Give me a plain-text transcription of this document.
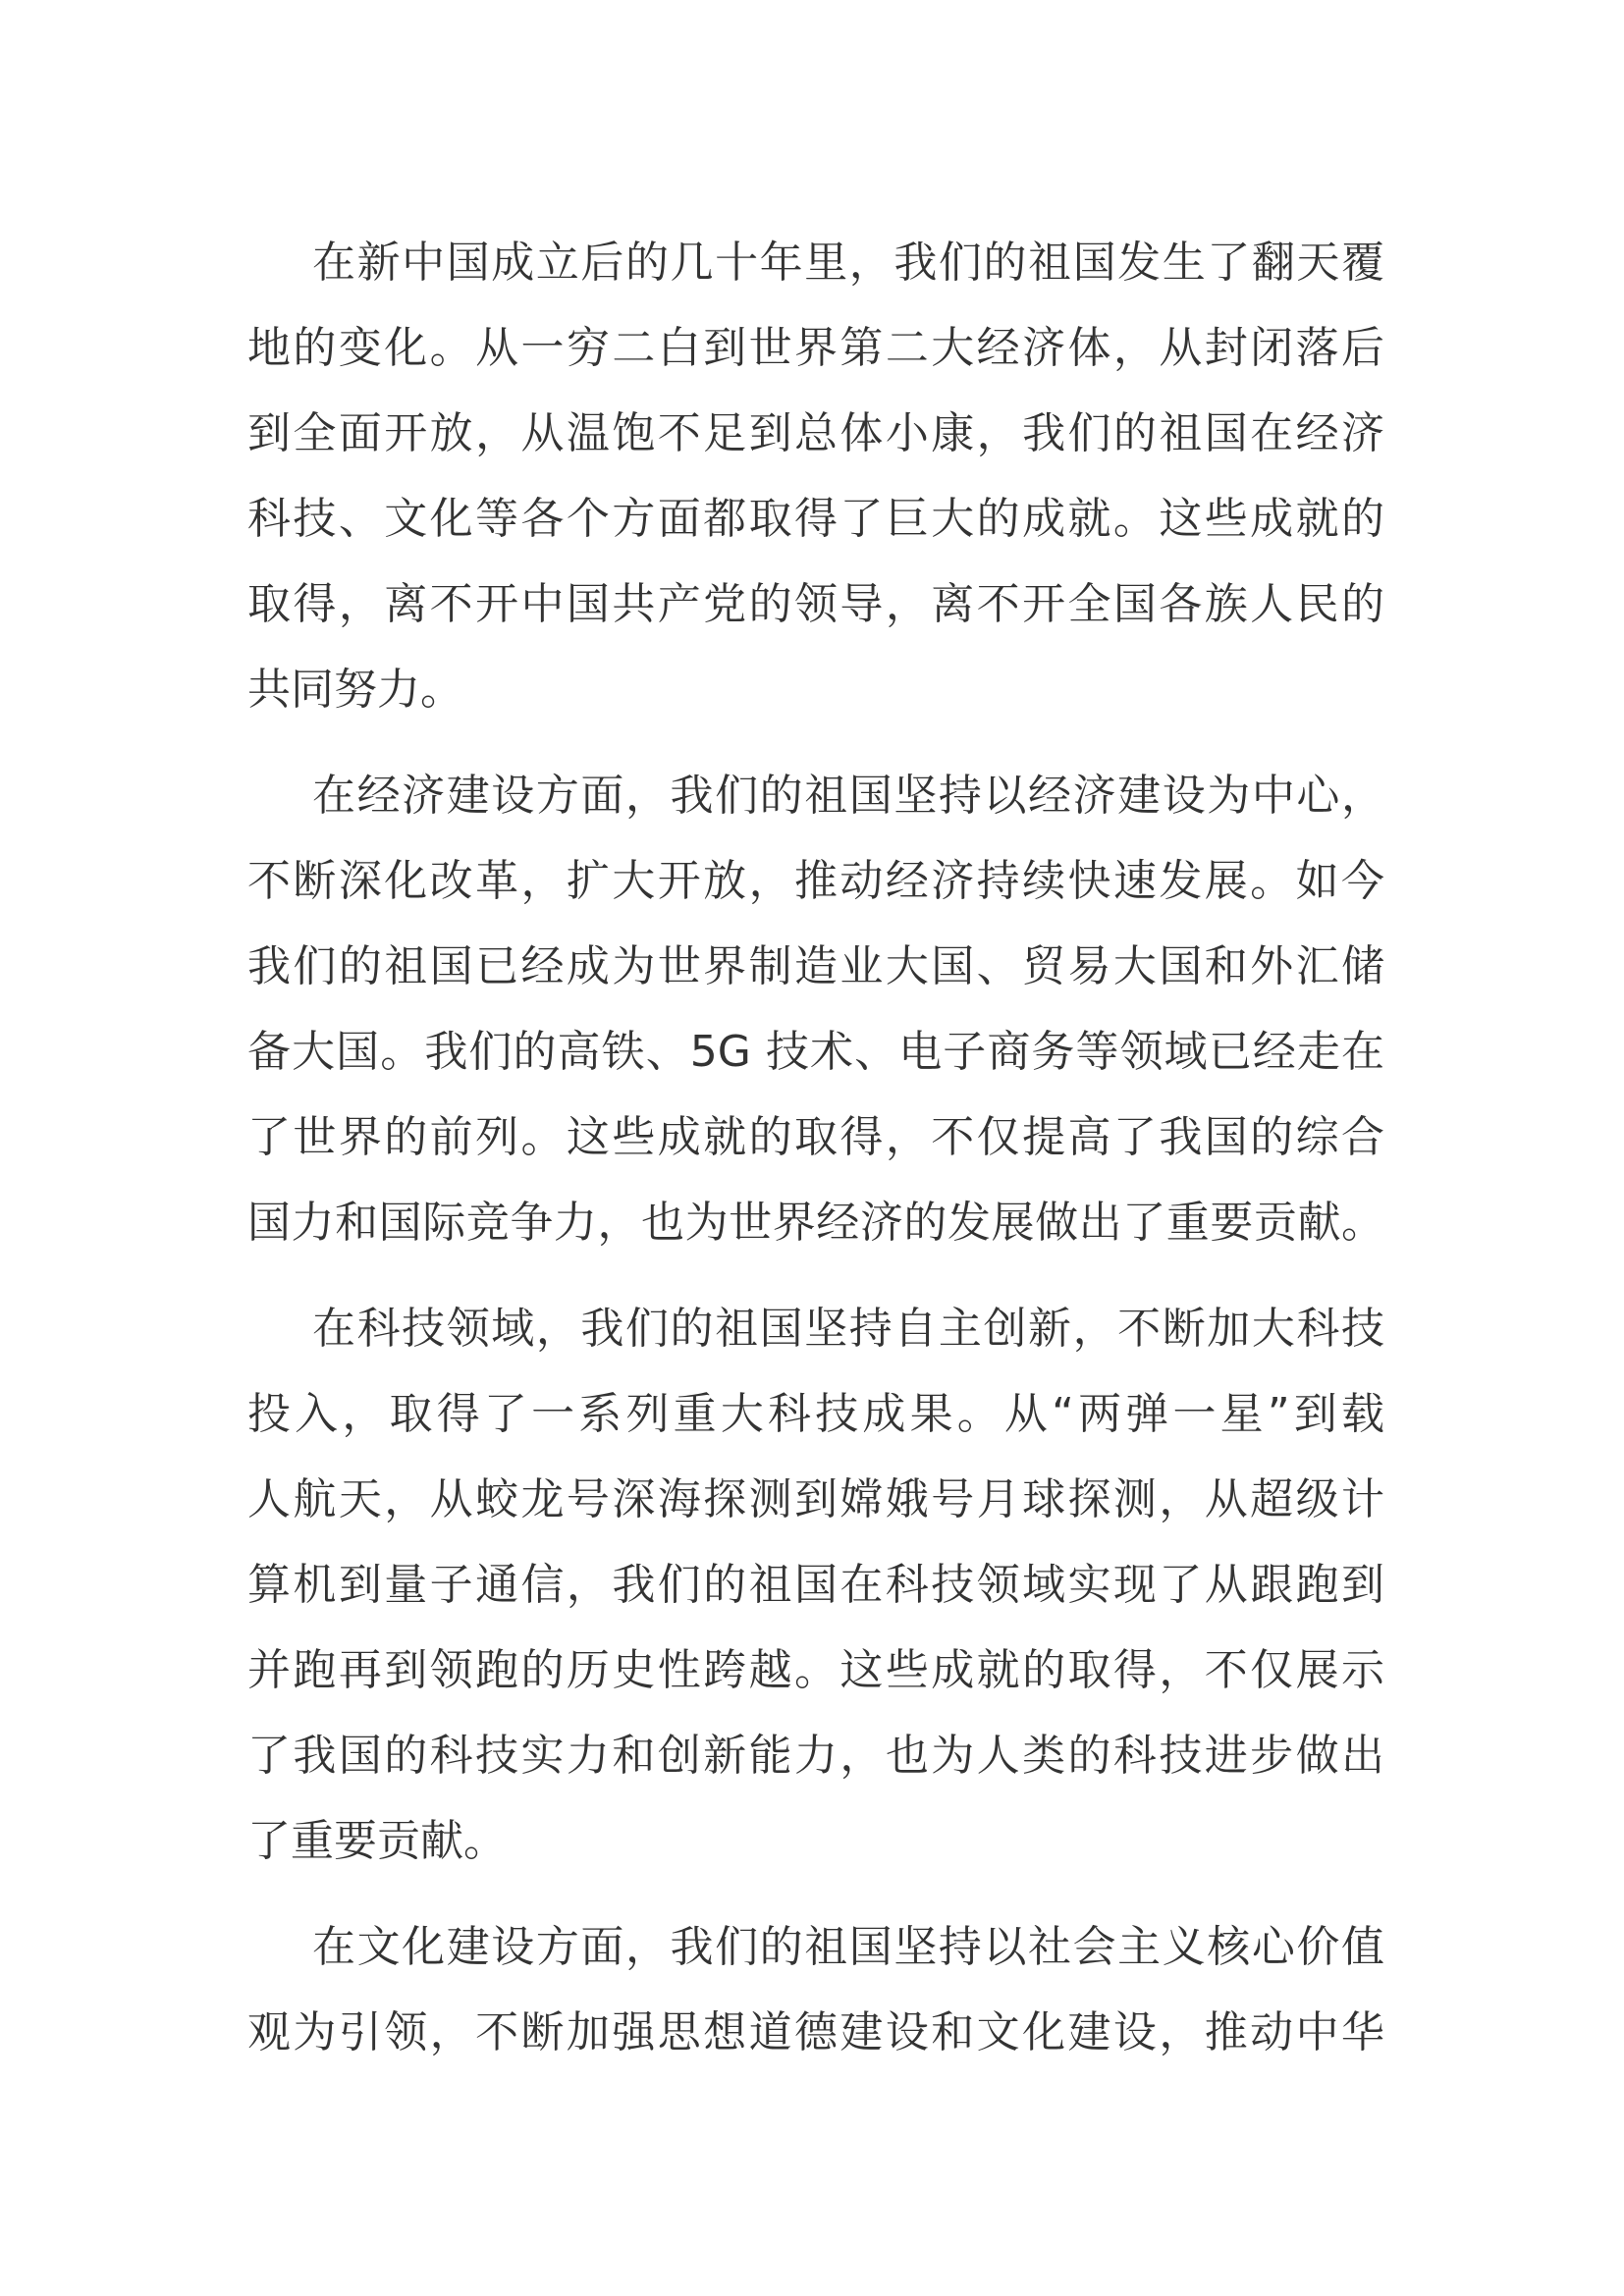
在新中国成立后的几十年里，我们的祖国发生了翻天覆
地的变化。从一穷二白到世界第二大经济体，从封闭落后
到全面开放，从温饱不足到总体小康，我们的祖国在经济
科技、文化等各个方面都取得了巨大的成就。这些成就的
取得，离不开中国共产党的领导，离不开全国各族人民的
共同努力。
在经济建设方面，我们的祖国坚持以经济建设为中心，
不断深化改革，扩大开放，推动经济持续快速发展。如今
我们的祖国已经成为世界制造业大国、贸易大国和外汇储
备大国。我们的高铁、5G 技术、电子商务等领域已经走在
了世界的前列。这些成就的取得，不仅提高了我国的综合
国力和国际竞争力，也为世界经济的发展做出了重要贡献。
在科技领域，我们的祖国坚持自主创新，不断加大科技
投入，取得了一系列重大科技成果。从“两弹一星”到载
人航天，从蛟龙号深海探测到嫦娥号月球探测，从超级计
算机到量子通信，我们的祖国在科技领域实现了从跟跑到
并跑再到领跑的历史性跨越。这些成就的取得，不仅展示
了我国的科技实力和创新能力，也为人类的科技进步做出
了重要贡献。
在文化建设方面，我们的祖国坚持以社会主义核心价值
观为引领，不断加强思想道德建设和文化建设，推动中华
